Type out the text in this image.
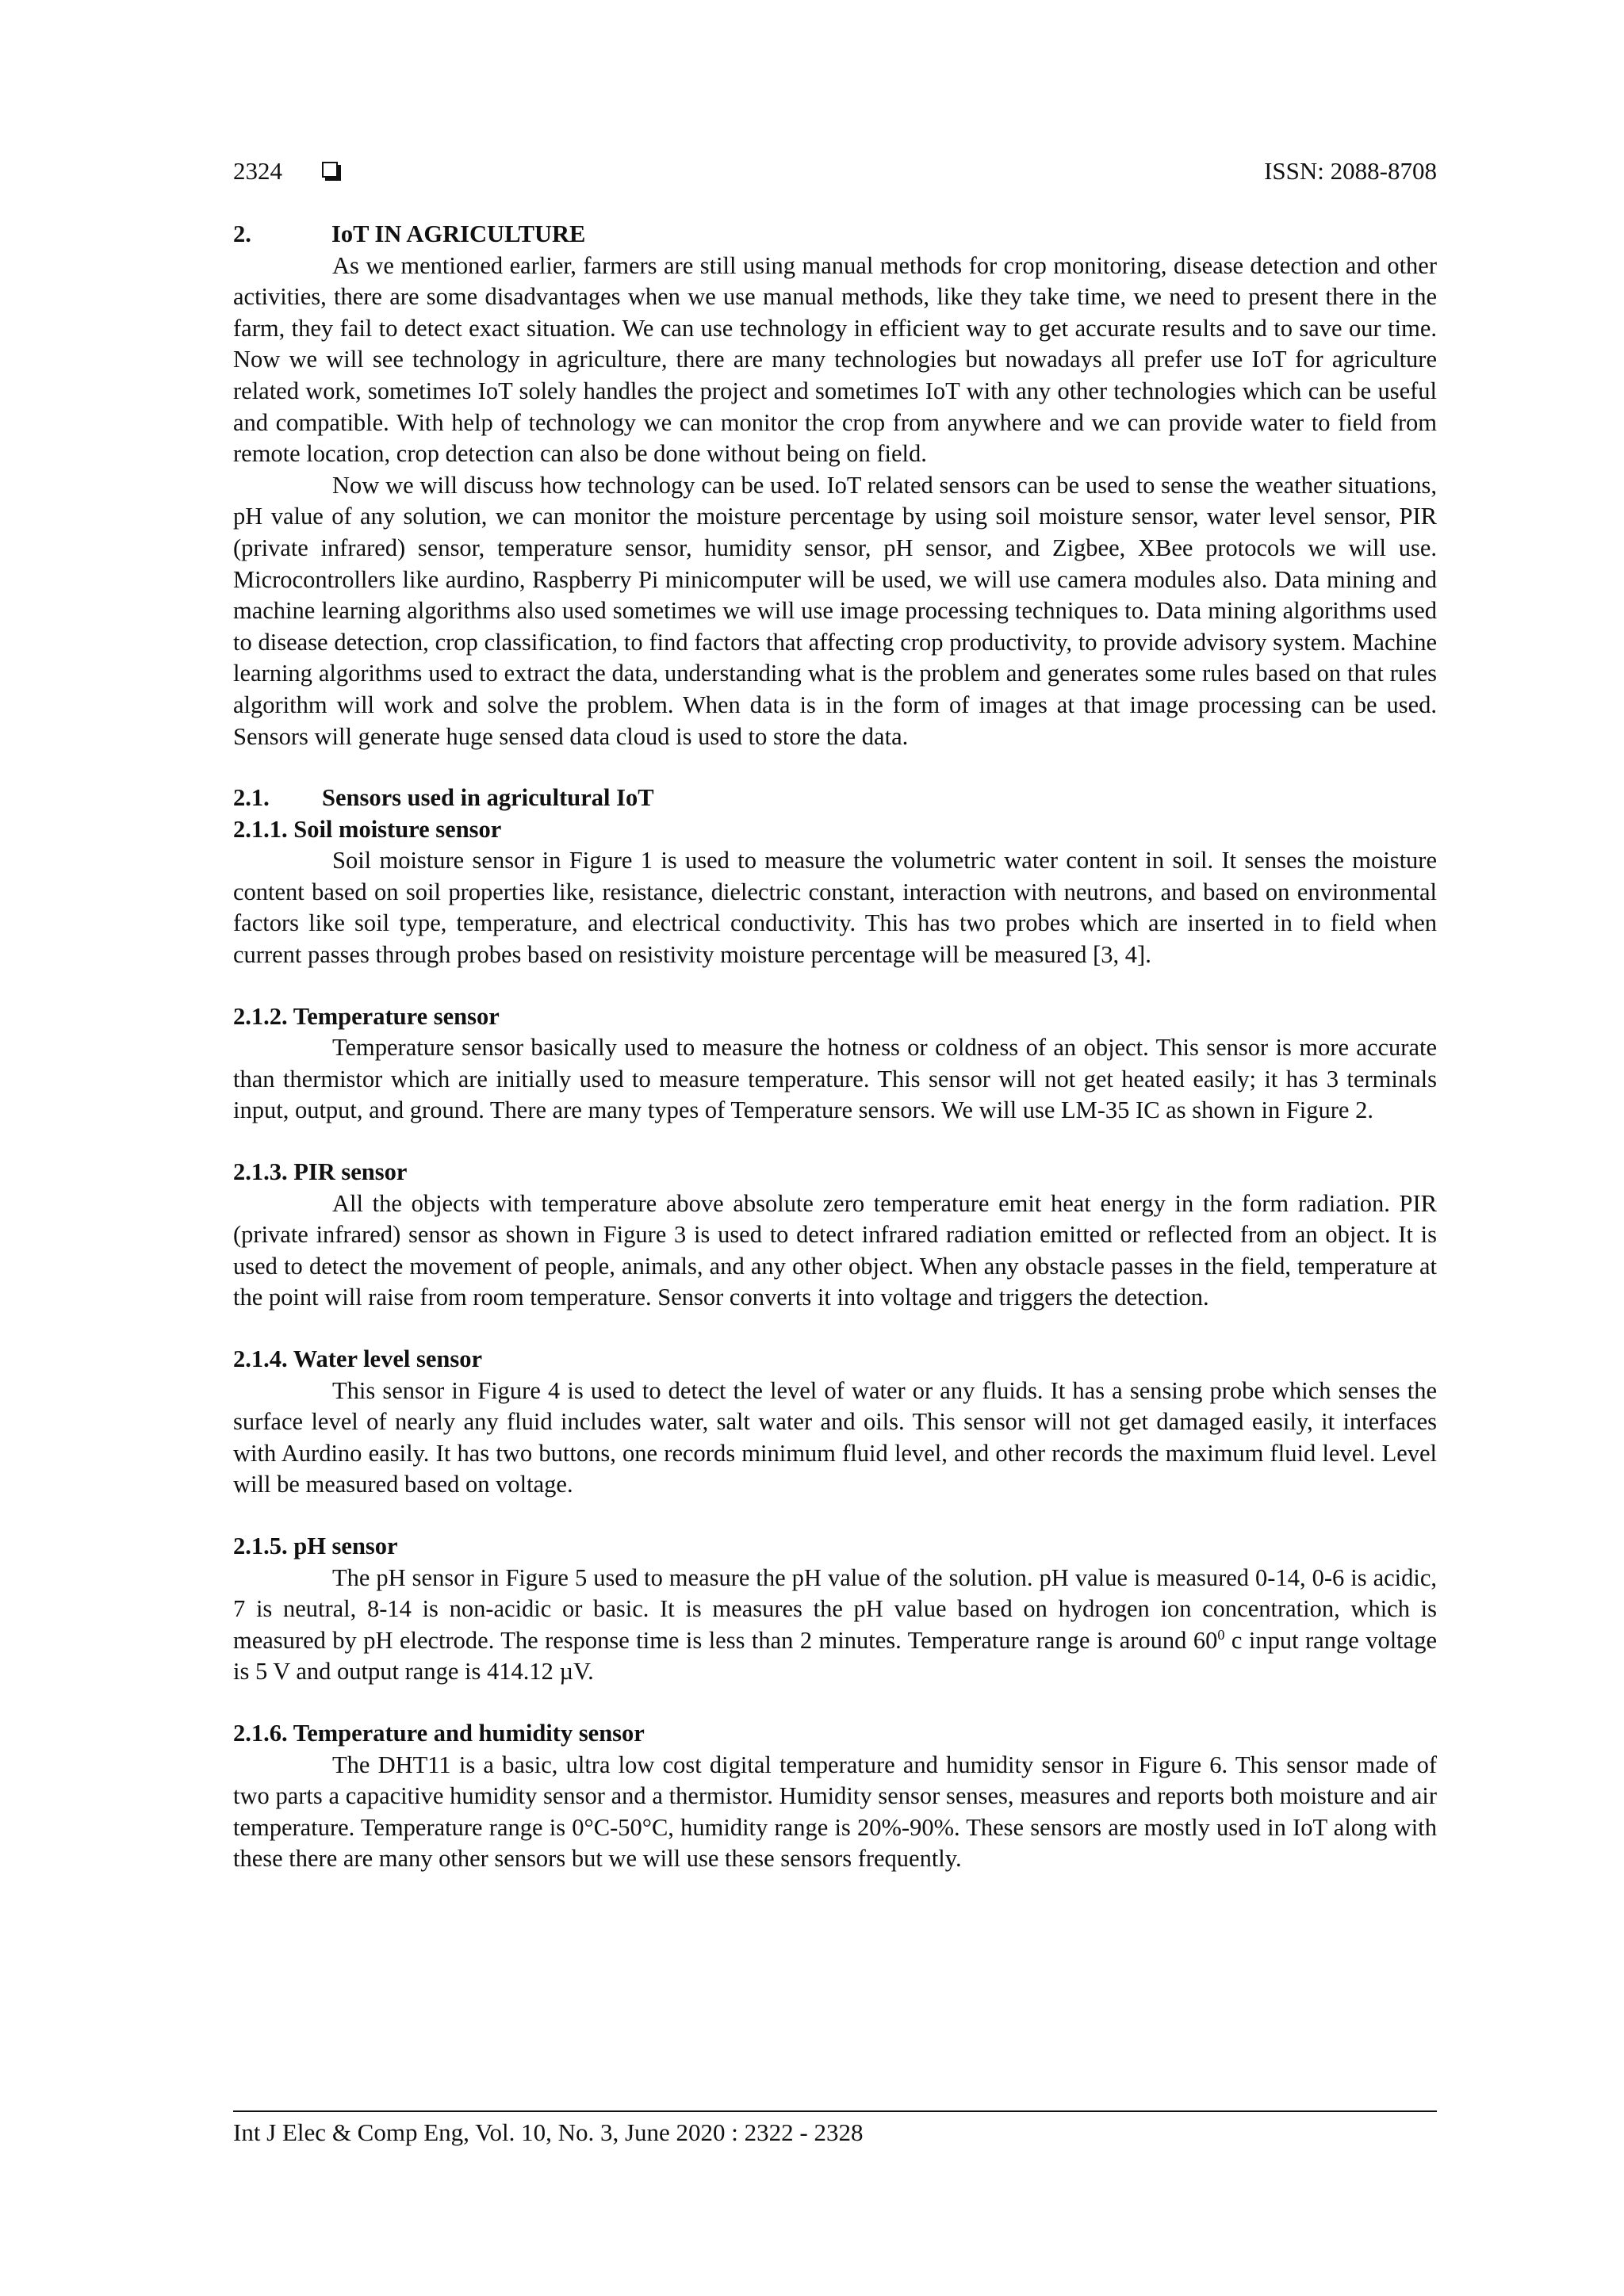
2324	ISSN: 2088-8708
2.	IoT IN AGRICULTURE

As we mentioned earlier, farmers are still using manual methods for crop monitoring, disease detection and other activities, there are some disadvantages when we use manual methods, like they take time, we need to present there in the farm, they fail to detect exact situation. We can use technology in efficient way to get accurate results and to save our time. Now we will see technology in agriculture, there are many technologies but nowadays all prefer use IoT for agriculture related work, sometimes IoT solely handles the project and sometimes IoT with any other technologies which can be useful and compatible. With help of technology we can monitor the crop from anywhere and we can provide water to field from remote location, crop detection can also be done without being on field.

Now we will discuss how technology can be used. IoT related sensors can be used to sense the weather situations, pH value of any solution, we can monitor the moisture percentage by using soil moisture sensor, water level sensor, PIR (private infrared) sensor, temperature sensor, humidity sensor, pH sensor, and Zigbee, XBee protocols we will use. Microcontrollers like aurdino, Raspberry Pi minicomputer will be used, we will use camera modules also. Data mining and machine learning algorithms also used sometimes we will use image processing techniques to. Data mining algorithms used to disease detection, crop classification, to find factors that affecting crop productivity, to provide advisory system. Machine learning algorithms used to extract the data, understanding what is the problem and generates some rules based on that rules algorithm will work and solve the problem. When data is in the form of images at that image processing can be used. Sensors will generate huge sensed data cloud is used to store the data.

2.1. Sensors used in agricultural IoT
2.1.1. Soil moisture sensor

Soil moisture sensor in Figure 1 is used to measure the volumetric water content in soil. It senses the moisture content based on soil properties like, resistance, dielectric constant, interaction with neutrons, and based on environmental factors like soil type, temperature, and electrical conductivity. This has two probes which are inserted in to field when current passes through probes based on resistivity moisture percentage will be measured [3, 4].

2.1.2. Temperature sensor

Temperature sensor basically used to measure the hotness or coldness of an object. This sensor is more accurate than thermistor which are initially used to measure temperature. This sensor will not get heated easily; it has 3 terminals input, output, and ground. There are many types of Temperature sensors. We will use LM-35 IC as shown in Figure 2.

2.1.3. PIR sensor

All the objects with temperature above absolute zero temperature emit heat energy in the form radiation. PIR (private infrared) sensor as shown in Figure 3 is used to detect infrared radiation emitted or reflected from an object. It is used to detect the movement of people, animals, and any other object. When any obstacle passes in the field, temperature at the point will raise from room temperature. Sensor converts it into voltage and triggers the detection.

2.1.4. Water level sensor

This sensor in Figure 4 is used to detect the level of water or any fluids. It has a sensing probe which senses the surface level of nearly any fluid includes water, salt water and oils. This sensor will not get damaged easily, it interfaces with Aurdino easily. It has two buttons, one records minimum fluid level, and other records the maximum fluid level. Level will be measured based on voltage.

2.1.5. pH sensor

The pH sensor in Figure 5 used to measure the pH value of the solution. pH value is measured 0-14, 0-6 is acidic, 7 is neutral, 8-14 is non-acidic or basic. It is measures the pH value based on hydrogen ion concentration, which is measured by pH electrode. The response time is less than 2 minutes. Temperature range is around $60^0$ c input range voltage is 5 V and output range is 414.12 µV.

2.1.6. Temperature and humidity sensor

The DHT11 is a basic, ultra low cost digital temperature and humidity sensor in Figure 6. This sensor made of two parts a capacitive humidity sensor and a thermistor. Humidity sensor senses, measures and reports both moisture and air temperature. Temperature range is 0°C-50°C, humidity range is 20%-90%. These sensors are mostly used in IoT along with these there are many other sensors but we will use these sensors frequently.

Int J Elec & Comp Eng, Vol. 10, No. 3, June 2020 : 2322 - 2328
